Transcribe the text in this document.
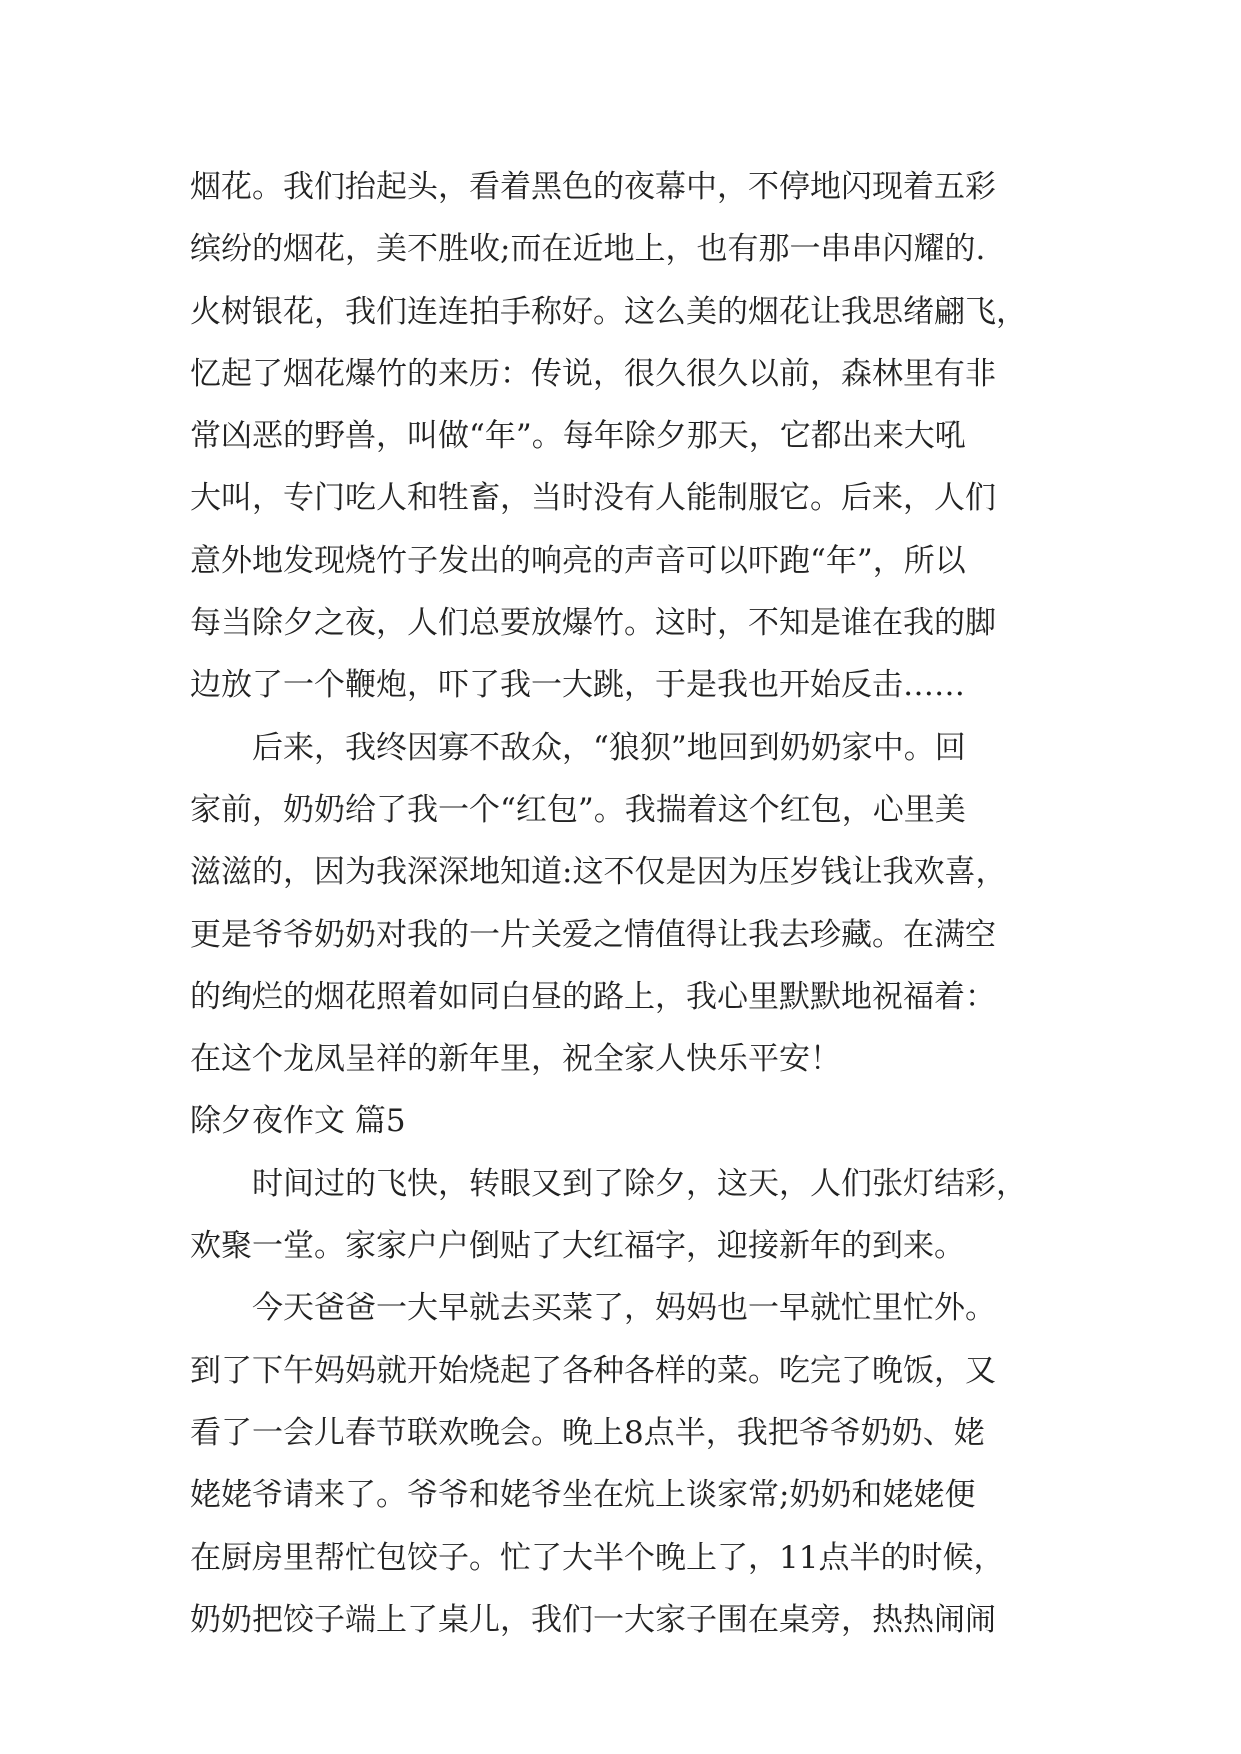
烟花。我们抬起头，看着黑色的夜幕中，不停地闪现着五彩
缤纷的烟花，美不胜收;而在近地上，也有那一串串闪耀的.
火树银花，我们连连拍手称好。这么美的烟花让我思绪翩飞，
忆起了烟花爆竹的来历：传说，很久很久以前，森林里有非
常凶恶的野兽，叫做“年”。每年除夕那天，它都出来大吼
大叫，专门吃人和牲畜，当时没有人能制服它。后来，人们
意外地发现烧竹子发出的响亮的声音可以吓跑“年”，所以
每当除夕之夜，人们总要放爆竹。这时，不知是谁在我的脚
边放了一个鞭炮，吓了我一大跳，于是我也开始反击……
　　后来，我终因寡不敌众，“狼狈”地回到奶奶家中。回
家前，奶奶给了我一个“红包”。我揣着这个红包，心里美
滋滋的，因为我深深地知道:这不仅是因为压岁钱让我欢喜，
更是爷爷奶奶对我的一片关爱之情值得让我去珍藏。在满空
的绚烂的烟花照着如同白昼的路上，我心里默默地祝福着：
在这个龙凤呈祥的新年里，祝全家人快乐平安！
除夕夜作文 篇5
　　时间过的飞快，转眼又到了除夕，这天，人们张灯结彩，
欢聚一堂。家家户户倒贴了大红福字，迎接新年的到来。
　　今天爸爸一大早就去买菜了，妈妈也一早就忙里忙外。
到了下午妈妈就开始烧起了各种各样的菜。吃完了晚饭，又
看了一会儿春节联欢晚会。晚上8点半，我把爷爷奶奶、姥
姥姥爷请来了。爷爷和姥爷坐在炕上谈家常;奶奶和姥姥便
在厨房里帮忙包饺子。忙了大半个晚上了，11点半的时候，
奶奶把饺子端上了桌儿，我们一大家子围在桌旁，热热闹闹
